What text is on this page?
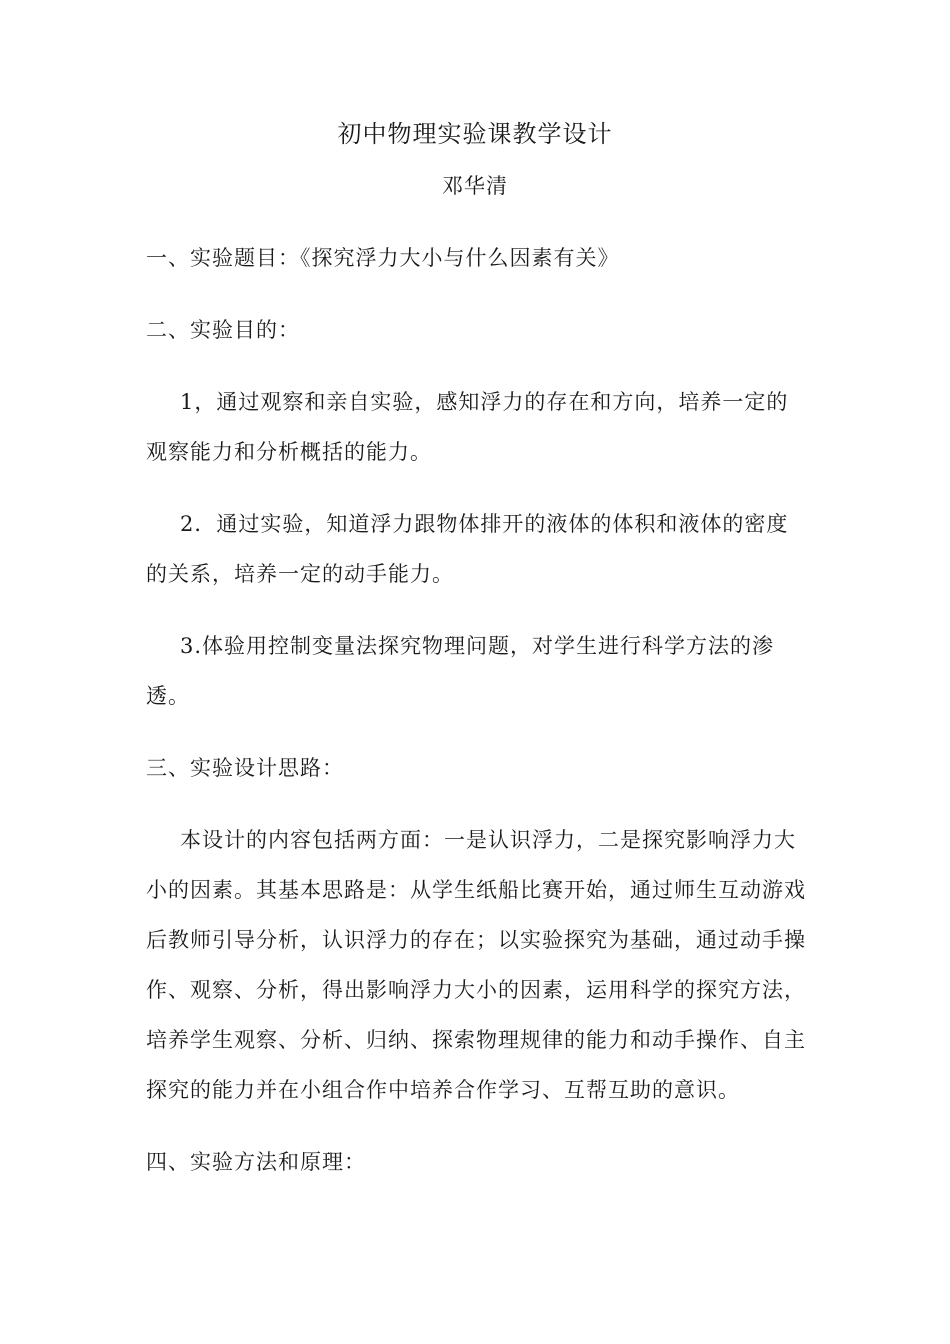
初中物理实验课教学设计

邓华清

一、实验题目：《探究浮力大小与什么因素有关》

二、实验目的：

1，通过观察和亲自实验，感知浮力的存在和方向，培养一定的

观察能力和分析概括的能力。

2．通过实验，知道浮力跟物体排开的液体的体积和液体的密度

的关系，培养一定的动手能力。

3.体验用控制变量法探究物理问题，对学生进行科学方法的渗

透。

三、实验设计思路：

本设计的内容包括两方面：一是认识浮力，二是探究影响浮力大

小的因素。其基本思路是：从学生纸船比赛开始，通过师生互动游戏

后教师引导分析，认识浮力的存在；以实验探究为基础，通过动手操

作、观察、分析，得出影响浮力大小的因素，运用科学的探究方法，

培养学生观察、分析、归纳、探索物理规律的能力和动手操作、自主

探究的能力并在小组合作中培养合作学习、互帮互助的意识。

四、实验方法和原理：
